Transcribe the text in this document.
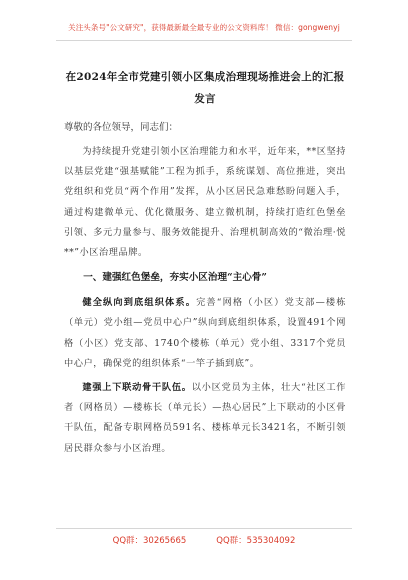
关注头条号"公文研究"，获得最新最全最专业的公文资料库！ 微信：gongwenyj
在2024年全市党建引领小区集成治理现场推进会上的汇报
发言
尊敬的各位领导，同志们：

为持续提升党建引领小区治理能力和水平，近年来，**区坚持以基层党建“强基赋能”工程为抓手，系统谋划、高位推进，突出党组织和党员“两个作用”发挥，从小区居民急难愁盼问题入手，通过构建微单元、优化微服务、建立微机制，持续打造红色堡垒引领、多元力量参与、服务效能提升、治理机制高效的“微治理·悦**”小区治理品牌。

一、建强红色堡垒，夯实小区治理“主心骨”

健全纵向到底组织体系。完善“网格（小区）党支部—楼栋（单元）党小组—党员中心户”纵向到底组织体系，设置491个网格（小区）党支部、1740个楼栋（单元）党小组、3317个党员中心户，确保党的组织体系“一竿子插到底”。

建强上下联动骨干队伍。以小区党员为主体，壮大“社区工作者（网格员）—楼栋长（单元长）—热心居民”上下联动的小区骨干队伍，配备专职网格员591名、楼栋单元长3421名，不断引领居民群众参与小区治理。

QQ群：30265665	QQ群：535304092
